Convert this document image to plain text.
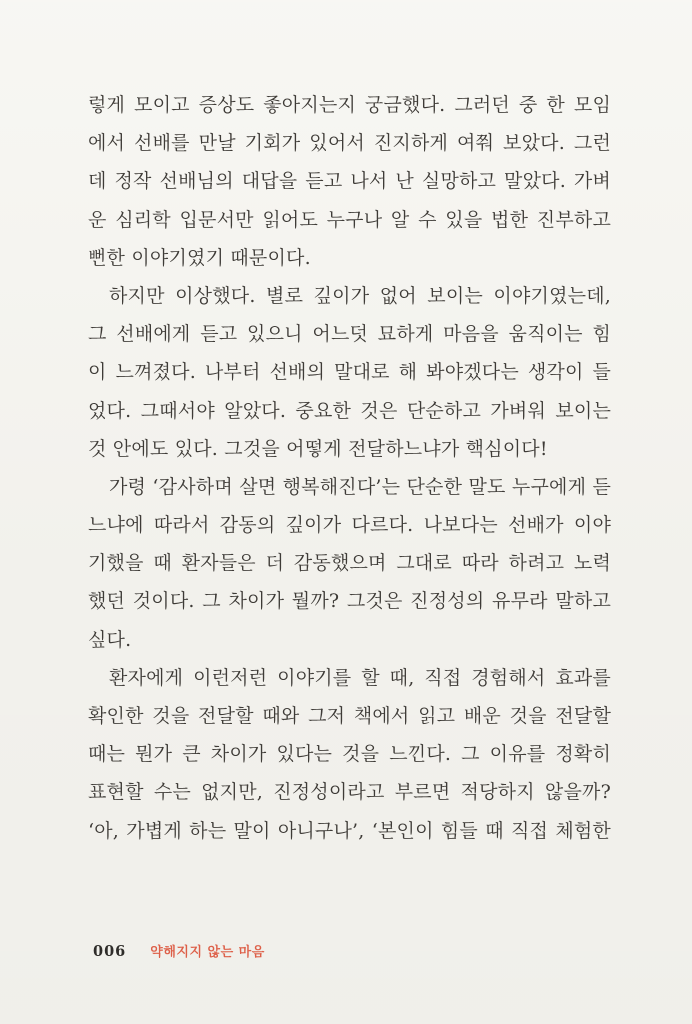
렇게 모이고 증상도 좋아지는지 궁금했다. 그러던 중 한 모임
에서 선배를 만날 기회가 있어서 진지하게 여쭤 보았다. 그런
데 정작 선배님의 대답을 듣고 나서 난 실망하고 말았다. 가벼
운 심리학 입문서만 읽어도 누구나 알 수 있을 법한 진부하고
뻔한 이야기였기 때문이다.
하지만 이상했다. 별로 깊이가 없어 보이는 이야기였는데,
그 선배에게 듣고 있으니 어느덧 묘하게 마음을 움직이는 힘
이 느껴졌다. 나부터 선배의 말대로 해 봐야겠다는 생각이 들
었다. 그때서야 알았다. 중요한 것은 단순하고 가벼워 보이는
것 안에도 있다. 그것을 어떻게 전달하느냐가 핵심이다!
가령 ‘감사하며 살면 행복해진다’는 단순한 말도 누구에게 듣
느냐에 따라서 감동의 깊이가 다르다. 나보다는 선배가 이야
기했을 때 환자들은 더 감동했으며 그대로 따라 하려고 노력
했던 것이다. 그 차이가 뭘까? 그것은 진정성의 유무라 말하고
싶다.
환자에게 이런저런 이야기를 할 때, 직접 경험해서 효과를
확인한 것을 전달할 때와 그저 책에서 읽고 배운 것을 전달할
때는 뭔가 큰 차이가 있다는 것을 느낀다. 그 이유를 정확히
표현할 수는 없지만, 진정성이라고 부르면 적당하지 않을까?
‘아, 가볍게 하는 말이 아니구나’, ‘본인이 힘들 때 직접 체험한
006 약해지지 않는 마음
